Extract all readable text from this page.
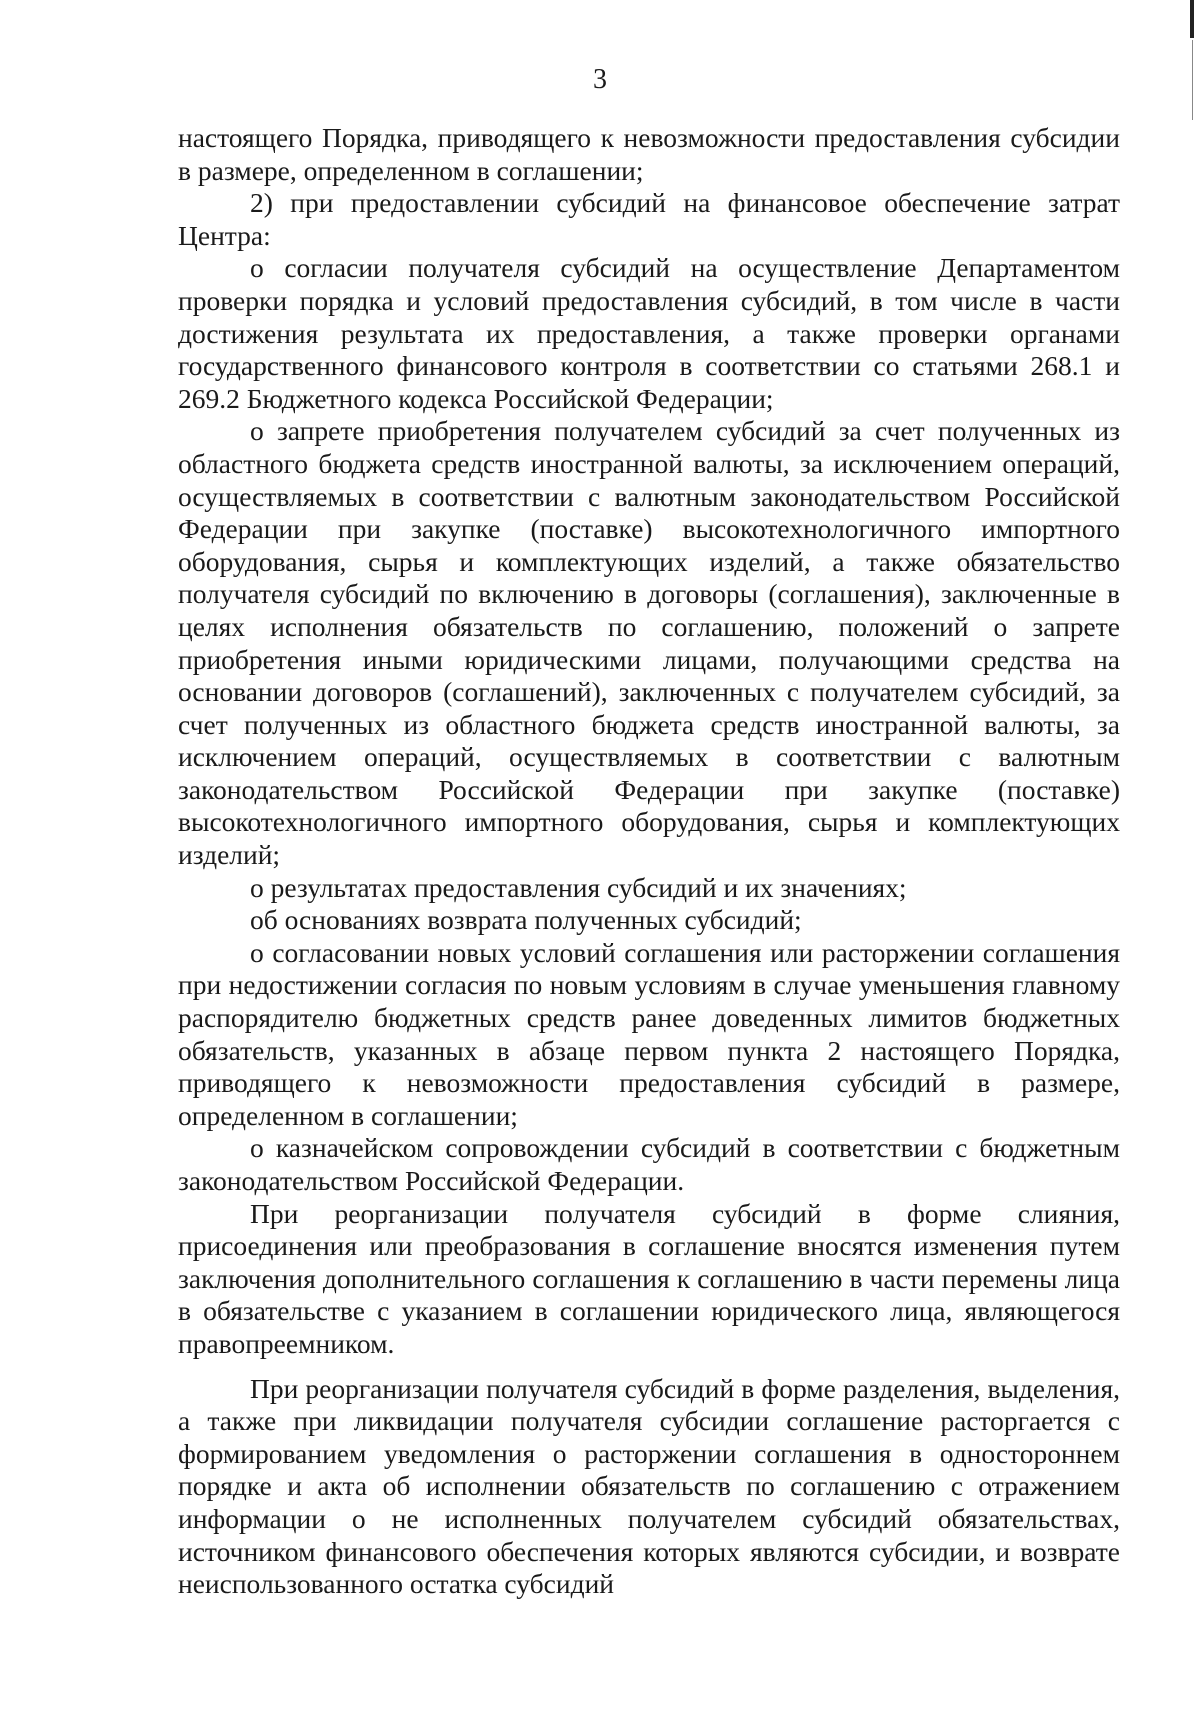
3

настоящего Порядка, приводящего к невозможности предоставления субсидии в размере, определенном в соглашении;

2) при предоставлении субсидий на финансовое обеспечение затрат Центра:

о согласии получателя субсидий на осуществление Департаментом проверки порядка и условий предоставления субсидий, в том числе в части достижения результата их предоставления, а также проверки органами государственного финансового контроля в соответствии со статьями 268.1 и 269.2 Бюджетного кодекса Российской Федерации;

о запрете приобретения получателем субсидий за счет полученных из областного бюджета средств иностранной валюты, за исключением операций, осуществляемых в соответствии с валютным законодательством Российской Федерации при закупке (поставке) высокотехнологичного импортного оборудования, сырья и комплектующих изделий, а также обязательство получателя субсидий по включению в договоры (соглашения), заключенные в целях исполнения обязательств по соглашению, положений о запрете приобретения иными юридическими лицами, получающими средства на основании договоров (соглашений), заключенных с получателем субсидий, за счет полученных из областного бюджета средств иностранной валюты, за исключением операций, осуществляемых в соответствии с валютным законодательством Российской Федерации при закупке (поставке) высокотехнологичного импортного оборудования, сырья и комплектующих изделий;

о результатах предоставления субсидий и их значениях;

об основаниях возврата полученных субсидий;

о согласовании новых условий соглашения или расторжении соглашения при недостижении согласия по новым условиям в случае уменьшения главному распорядителю бюджетных средств ранее доведенных лимитов бюджетных обязательств, указанных в абзаце первом пункта 2 настоящего Порядка, приводящего к невозможности предоставления субсидий в размере, определенном в соглашении;

о казначейском сопровождении субсидий в соответствии с бюджетным законодательством Российской Федерации.

При реорганизации получателя субсидий в форме слияния, присоединения или преобразования в соглашение вносятся изменения путем заключения дополнительного соглашения к соглашению в части перемены лица в обязательстве с указанием в соглашении юридического лица, являющегося правопреемником.

При реорганизации получателя субсидий в форме разделения, выделения, а также при ликвидации получателя субсидии соглашение расторгается с формированием уведомления о расторжении соглашения в одностороннем порядке и акта об исполнении обязательств по соглашению с отражением информации о не исполненных получателем субсидий обязательствах, источником финансового обеспечения которых являются субсидии, и возврате неиспользованного остатка субсидий
